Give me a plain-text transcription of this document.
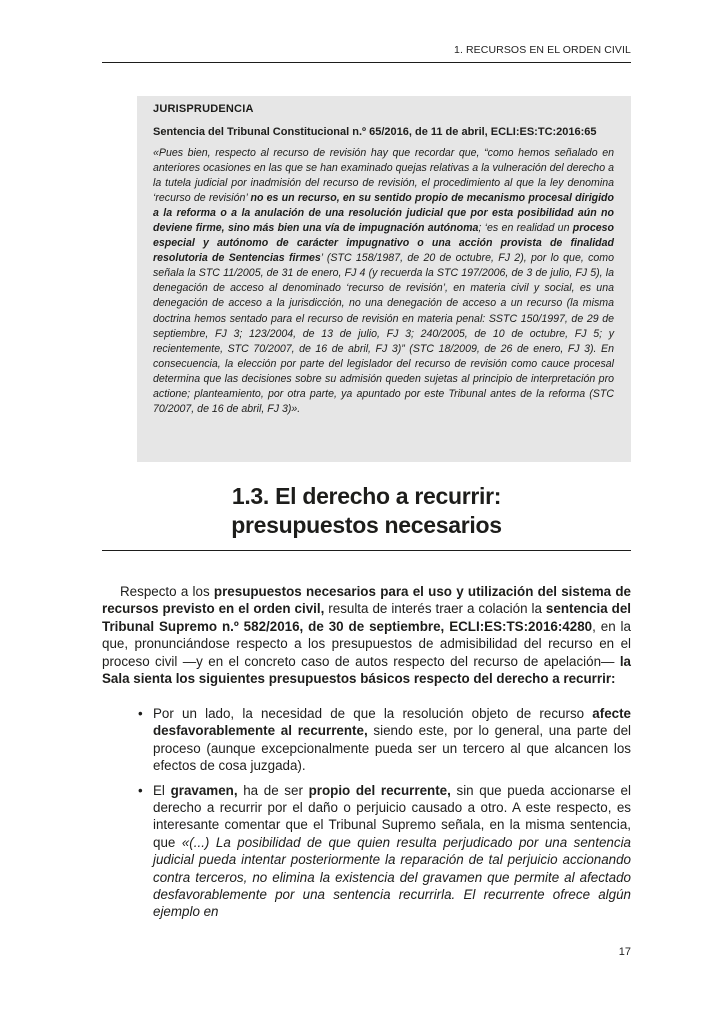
1. RECURSOS EN EL ORDEN CIVIL
JURISPRUDENCIA
Sentencia del Tribunal Constitucional n.º 65/2016, de 11 de abril, ECLI:ES:TC:2016:65
«Pues bien, respecto al recurso de revisión hay que recordar que, “como hemos señalado en anteriores ocasiones en las que se han examinado quejas relativas a la vulneración del derecho a la tutela judicial por inadmisión del recurso de revisión, el procedimiento al que la ley denomina ‘recurso de revisión’ no es un recurso, en su sentido propio de mecanismo procesal dirigido a la reforma o a la anulación de una resolución judicial que por esta posibilidad aún no deviene firme, sino más bien una vía de impugnación autónoma; ‘es en realidad un proceso especial y autónomo de carácter impugnativo o una acción provista de finalidad resolutoria de Sentencias firmes’ (STC 158/1987, de 20 de octubre, FJ 2), por lo que, como señala la STC 11/2005, de 31 de enero, FJ 4 (y recuerda la STC 197/2006, de 3 de julio, FJ 5), la denegación de acceso al denominado ‘recurso de revisión’, en materia civil y social, es una denegación de acceso a la jurisdicción, no una denegación de acceso a un recurso (la misma doctrina hemos sentado para el recurso de revisión en materia penal: SSTC 150/1997, de 29 de septiembre, FJ 3; 123/2004, de 13 de julio, FJ 3; 240/2005, de 10 de octubre, FJ 5; y recientemente, STC 70/2007, de 16 de abril, FJ 3)” (STC 18/2009, de 26 de enero, FJ 3). En consecuencia, la elección por parte del legislador del recurso de revisión como cauce procesal determina que las decisiones sobre su admisión queden sujetas al principio de interpretación pro actione; planteamiento, por otra parte, ya apuntado por este Tribunal antes de la reforma (STC 70/2007, de 16 de abril, FJ 3)».
1.3. El derecho a recurrir:
presupuestos necesarios

Respecto a los presupuestos necesarios para el uso y utilización del sistema de recursos previsto en el orden civil, resulta de interés traer a colación la sentencia del Tribunal Supremo n.º 582/2016, de 30 de septiembre, ECLI:ES:TS:2016:4280, en la que, pronunciándose respecto a los presupuestos de admisibilidad del recurso en el proceso civil —y en el concreto caso de autos respecto del recurso de apelación— la Sala sienta los siguientes presupuestos básicos respecto del derecho a recurrir:

• Por un lado, la necesidad de que la resolución objeto de recurso afecte desfavorablemente al recurrente, siendo este, por lo general, una parte del proceso (aunque excepcionalmente pueda ser un tercero al que alcancen los efectos de cosa juzgada).
• El gravamen, ha de ser propio del recurrente, sin que pueda accionarse el derecho a recurrir por el daño o perjuicio causado a otro. A este respecto, es interesante comentar que el Tribunal Supremo señala, en la misma sentencia, que «(...) La posibilidad de que quien resulta perjudicado por una sentencia judicial pueda intentar posteriormente la reparación de tal perjuicio accionando contra terceros, no elimina la existencia del gravamen que permite al afectado desfavorablemente por una sentencia recurrirla. El recurrente ofrece algún ejemplo en
17
